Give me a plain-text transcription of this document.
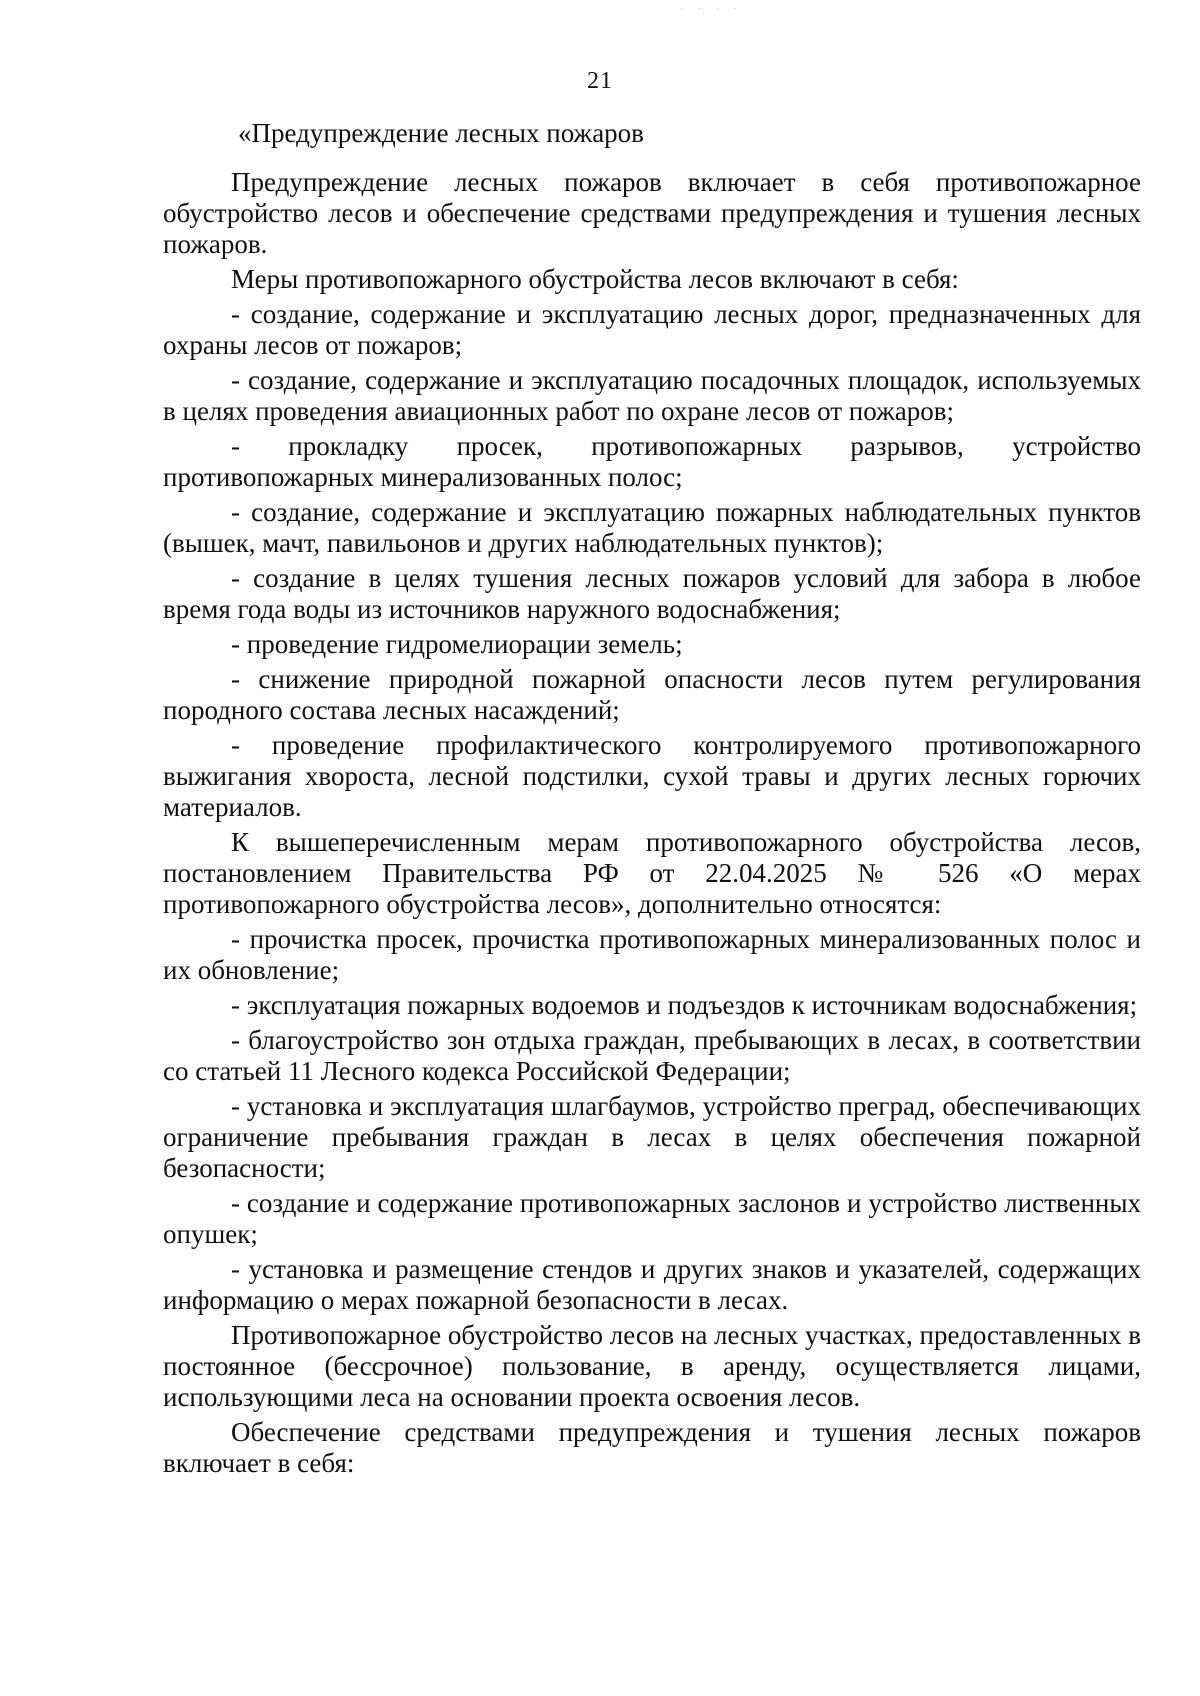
· · · ·
21

«Предупреждение лесных пожаров

Предупреждение лесных пожаров включает в себя противопожарное обустройство лесов и обеспечение средствами предупреждения и тушения лесных пожаров.

Меры противопожарного обустройства лесов включают в себя:

- создание, содержание и эксплуатацию лесных дорог, предназначенных для охраны лесов от пожаров;

- создание, содержание и эксплуатацию посадочных площадок, используемых в целях проведения авиационных работ по охране лесов от пожаров;

- прокладку просек, противопожарных разрывов, устройство противопожарных минерализованных полос;

- создание, содержание и эксплуатацию пожарных наблюдательных пунктов (вышек, мачт, павильонов и других наблюдательных пунктов);

- создание в целях тушения лесных пожаров условий для забора в любое время года воды из источников наружного водоснабжения;

- проведение гидромелиорации земель;

- снижение природной пожарной опасности лесов путем регулирования породного состава лесных насаждений;

- проведение профилактического контролируемого противопожарного выжигания хвороста, лесной подстилки, сухой травы и других лесных горючих материалов.

К вышеперечисленным мерам противопожарного обустройства лесов, постановлением Правительства РФ от 22.04.2025 № 526 «О мерах противопожарного обустройства лесов», дополнительно относятся:

- прочистка просек, прочистка противопожарных минерализованных полос и их обновление;

- эксплуатация пожарных водоемов и подъездов к источникам водоснабжения;

- благоустройство зон отдыха граждан, пребывающих в лесах, в соответствии со статьей 11 Лесного кодекса Российской Федерации;

- установка и эксплуатация шлагбаумов, устройство преград, обеспечивающих ограничение пребывания граждан в лесах в целях обеспечения пожарной безопасности;

- создание и содержание противопожарных заслонов и устройство лиственных опушек;

- установка и размещение стендов и других знаков и указателей, содержащих информацию о мерах пожарной безопасности в лесах.

Противопожарное обустройство лесов на лесных участках, предоставленных в постоянное (бессрочное) пользование, в аренду, осуществляется лицами, использующими леса на основании проекта освоения лесов.

Обеспечение средствами предупреждения и тушения лесных пожаров включает в себя:
